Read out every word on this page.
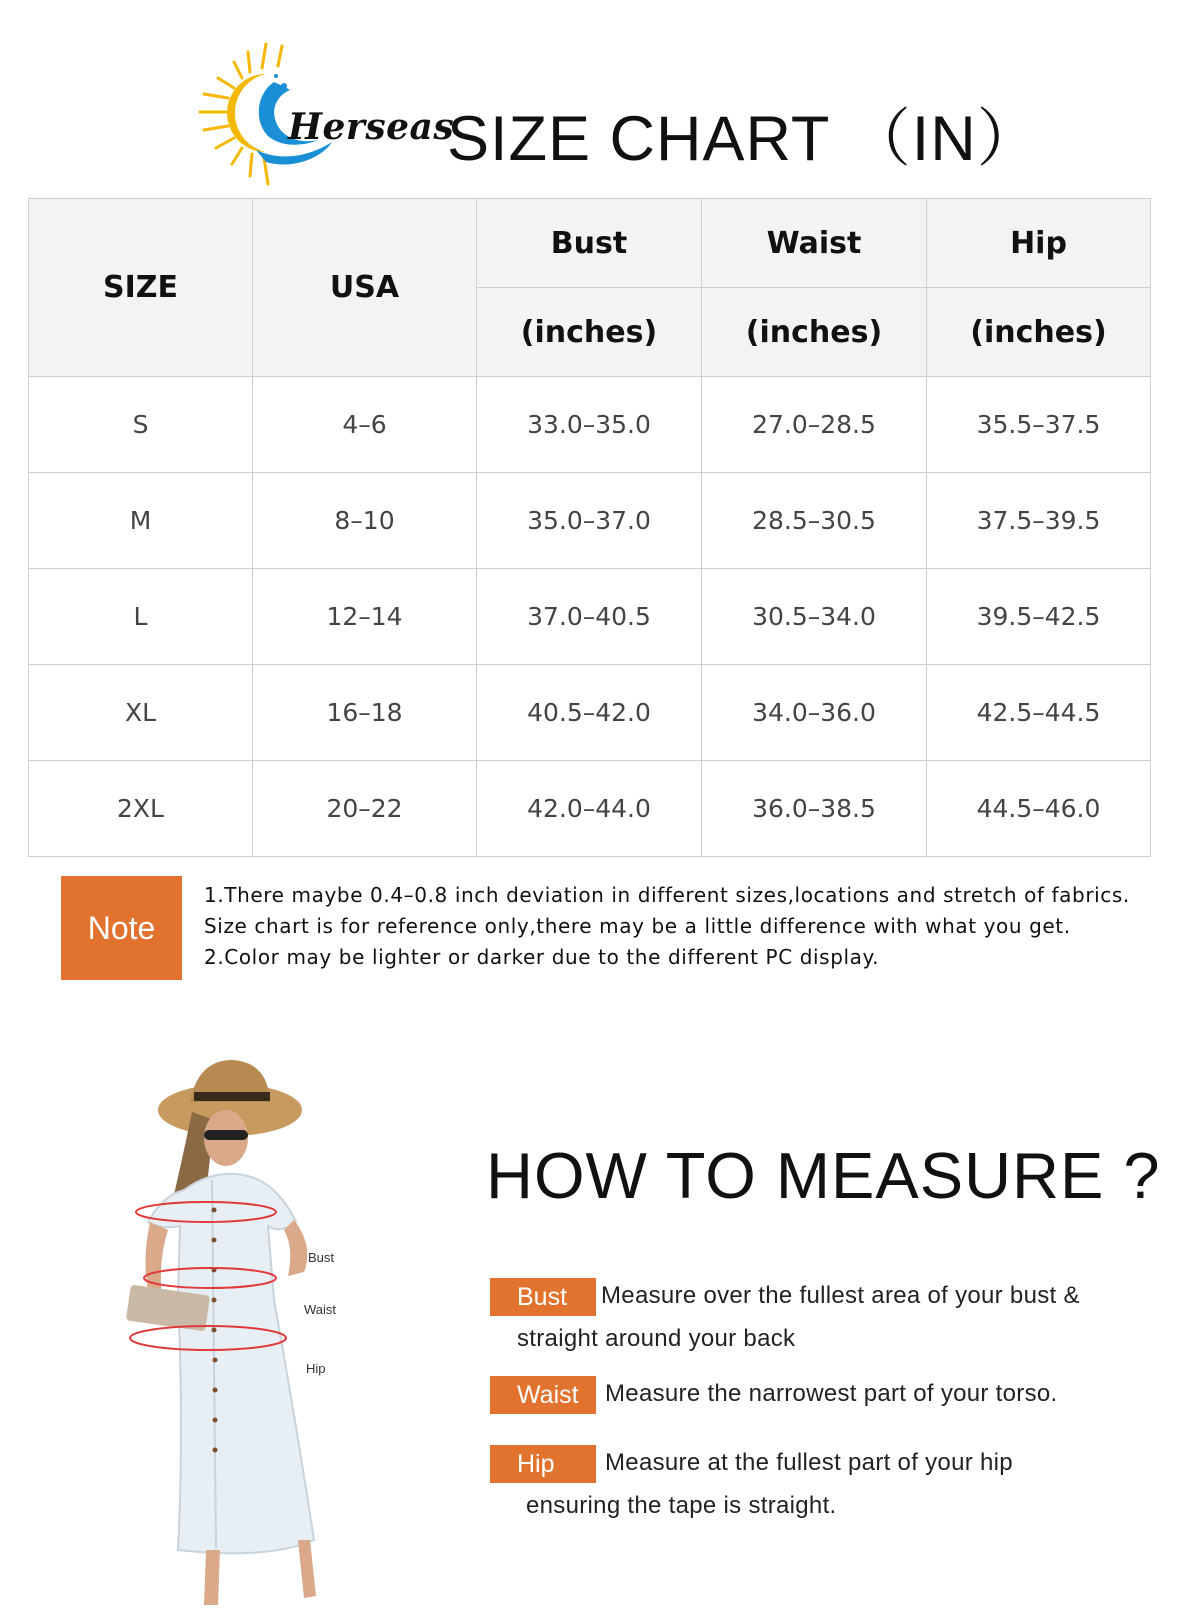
Herseas
SIZE CHART （IN）
SIZE	USA	Bust	Waist	Hip
		(inches)	(inches)	(inches)
S	4–6	33.0–35.0	27.0–28.5	35.5–37.5
M	8–10	35.0–37.0	28.5–30.5	37.5–39.5
L	12–14	37.0–40.5	30.5–34.0	39.5–42.5
XL	16–18	40.5–42.0	34.0–36.0	42.5–44.5
2XL	20–22	42.0–44.0	36.0–38.5	44.5–46.0
Note
1.There maybe 0.4–0.8 inch deviation in different sizes,locations and stretch of fabrics.
Size chart is for reference only,there may be a little difference with what you get.
2.Color may be lighter or darker due to the different PC display.
Bust
Waist
Hip
HOW TO MEASURE ?
Bust	Measure over the fullest area of your bust &
straight around your back
Waist	Measure the narrowest part of your torso.
Hip	Measure at the fullest part of your hip
ensuring the tape is straight.
